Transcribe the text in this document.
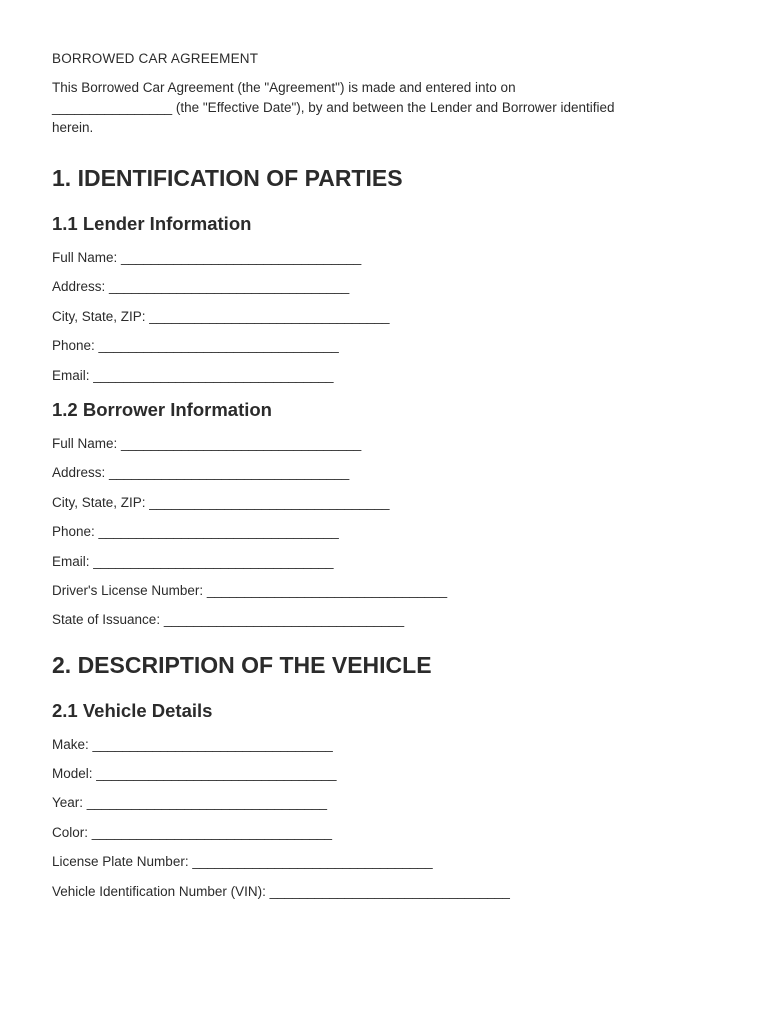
BORROWED CAR AGREEMENT

This Borrowed Car Agreement (the "Agreement") is made and entered into on
________________ (the "Effective Date"), by and between the Lender and Borrower identified
herein.

1. IDENTIFICATION OF PARTIES
1.1 Lender Information
Full Name: ________________________________
Address: ________________________________
City, State, ZIP: ________________________________
Phone: ________________________________
Email: ________________________________
1.2 Borrower Information
Full Name: ________________________________
Address: ________________________________
City, State, ZIP: ________________________________
Phone: ________________________________
Email: ________________________________
Driver's License Number: ________________________________
State of Issuance: ________________________________
2. DESCRIPTION OF THE VEHICLE
2.1 Vehicle Details
Make: ________________________________
Model: ________________________________
Year: ________________________________
Color: ________________________________
License Plate Number: ________________________________
Vehicle Identification Number (VIN): ________________________________
